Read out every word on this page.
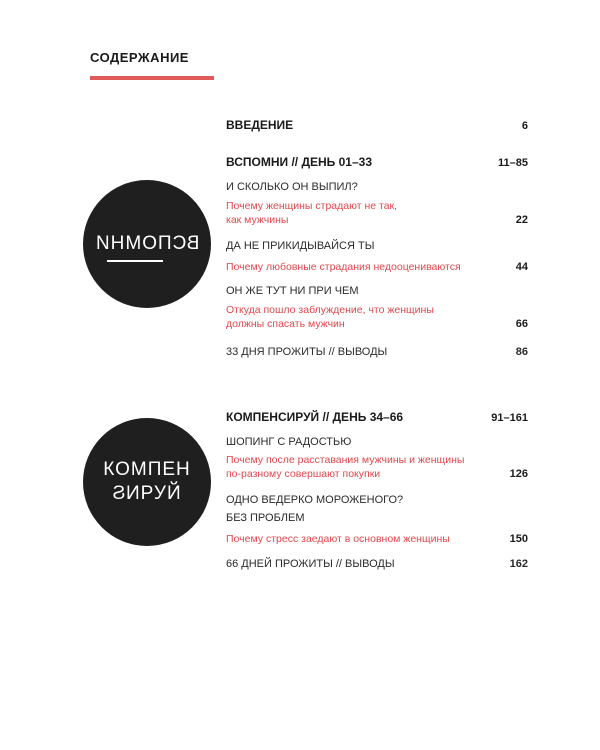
СОДЕРЖАНИЕ
ВСПОМНИ
ВВЕДЕНИЕ	6
ВСПОМНИ // ДЕНЬ 01–33	11–85
И СКОЛЬКО ОН ВЫПИЛ?
Почему женщины страдают не так,
как мужчины	22
ДА НЕ ПРИКИДЫВАЙСЯ ТЫ
Почему любовные страдания недооцениваются	44
ОН ЖЕ ТУТ НИ ПРИ ЧЕМ
Откуда пошло заблуждение, что женщины
должны спасать мужчин	66
33 ДНЯ ПРОЖИТЫ // ВЫВОДЫ	86
КОМПЕН
ϨИРУЙ
КОМПЕНСИРУЙ // ДЕНЬ 34–66	91–161
ШОПИНГ С РАДОСТЬЮ
Почему после расставания мужчины и женщины
по-разному совершают покупки	126
ОДНО ВЕДЕРКО МОРОЖЕНОГО?
БЕЗ ПРОБЛЕМ
Почему стресс заедают в основном женщины	150
66 ДНЕЙ ПРОЖИТЫ // ВЫВОДЫ	162
